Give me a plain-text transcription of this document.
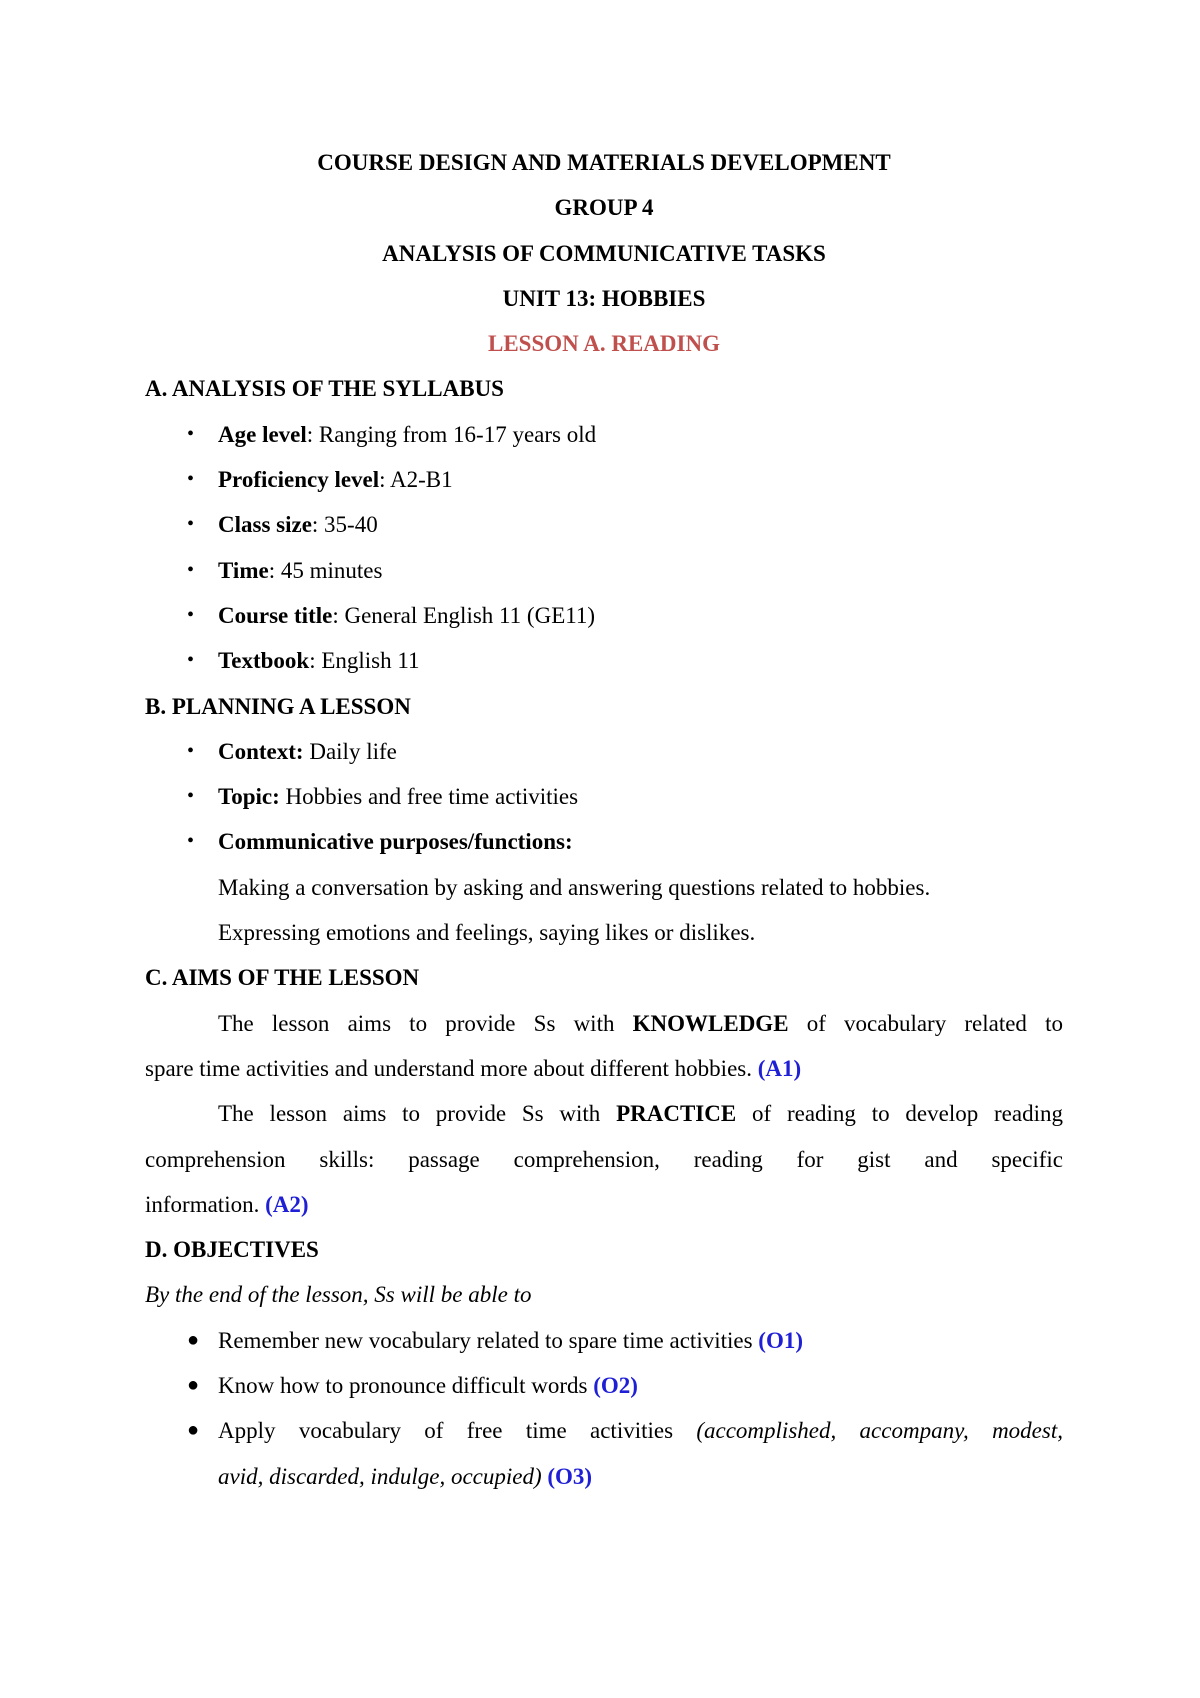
COURSE DESIGN AND MATERIALS DEVELOPMENT
GROUP 4
ANALYSIS OF COMMUNICATIVE TASKS
UNIT 13: HOBBIES
LESSON A. READING
A. ANALYSIS OF THE SYLLABUS
• Age level: Ranging from 16-17 years old
• Proficiency level: A2-B1
• Class size: 35-40
• Time: 45 minutes
• Course title: General English 11 (GE11)
• Textbook: English 11
B. PLANNING A LESSON
• Context: Daily life
• Topic: Hobbies and free time activities
• Communicative purposes/functions:
Making a conversation by asking and answering questions related to hobbies.
Expressing emotions and feelings, saying likes or dislikes.
C. AIMS OF THE LESSON
The lesson aims to provide Ss with KNOWLEDGE of vocabulary related to
spare time activities and understand more about different hobbies. (A1)
The lesson aims to provide Ss with PRACTICE of reading to develop reading
comprehension skills: passage comprehension, reading for gist and specific
information. (A2)
D. OBJECTIVES
By the end of the lesson, Ss will be able to
● Remember new vocabulary related to spare time activities (O1)
● Know how to pronounce difficult words (O2)
● Apply vocabulary of free time activities (accomplished, accompany, modest,
avid, discarded, indulge, occupied) (O3)
